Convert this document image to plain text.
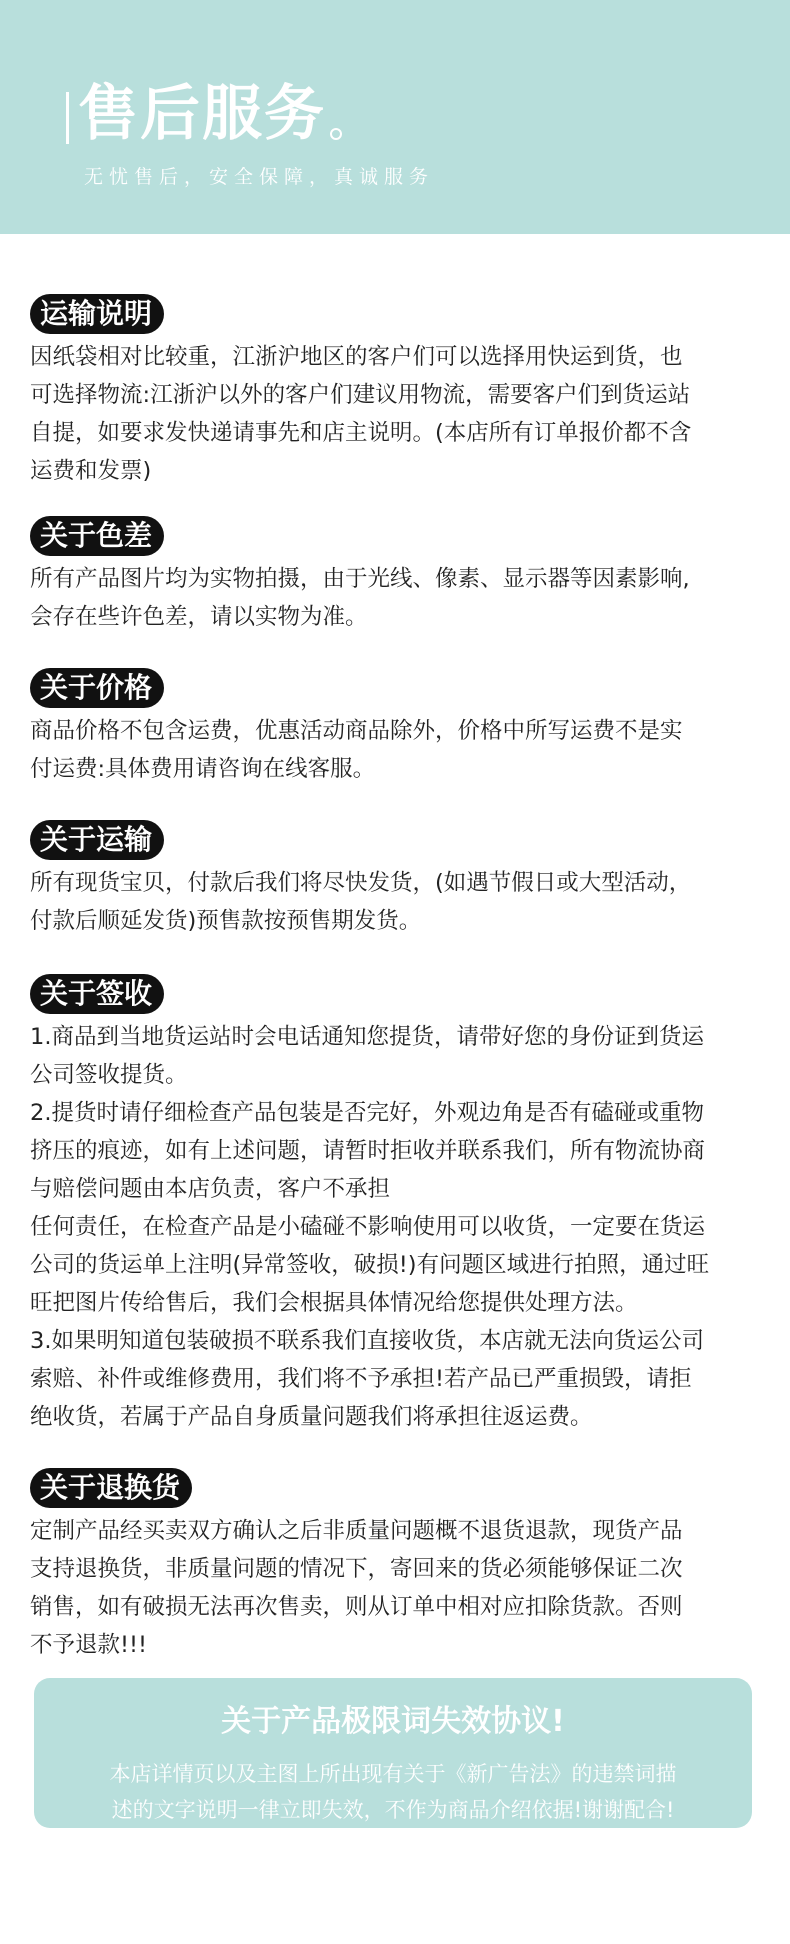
售后服务
无忧售后，安全保障，真诚服务
运输说明

因纸袋相对比较重，江浙沪地区的客户们可以选择用快运到货，也

可选择物流:江浙沪以外的客户们建议用物流，需要客户们到货运站

自提，如要求发快递请事先和店主说明。(本店所有订单报价都不含

运费和发票)

关于色差

所有产品图片均为实物拍摄，由于光线、像素、显示器等因素影响,

会存在些许色差，请以实物为准。

关于价格

商品价格不包含运费，优惠活动商品除外，价格中所写运费不是实

付运费:具体费用请咨询在线客服。

关于运输

所有现货宝贝，付款后我们将尽快发货，(如遇节假日或大型活动，

付款后顺延发货)预售款按预售期发货。

关于签收

1.商品到当地货运站时会电话通知您提货，请带好您的身份证到货运

公司签收提货。

2.提货时请仔细检查产品包装是否完好，外观边角是否有磕碰或重物

挤压的痕迹，如有上述问题，请暂时拒收并联系我们，所有物流协商

与赔偿问题由本店负责，客户不承担

任何责任，在检查产品是小磕碰不影响使用可以收货，一定要在货运

公司的货运单上注明(异常签收，破损!)有问题区域进行拍照，通过旺

旺把图片传给售后，我们会根据具体情况给您提供处理方法。

3.如果明知道包装破损不联系我们直接收货，本店就无法向货运公司

索赔、补件或维修费用，我们将不予承担!若产品已严重损毁，请拒

绝收货，若属于产品自身质量问题我们将承担往返运费。

关于退换货

定制产品经买卖双方确认之后非质量问题概不退货退款，现货产品

支持退换货，非质量问题的情况下，寄回来的货必须能够保证二次

销售，如有破损无法再次售卖，则从订单中相对应扣除货款。否则

不予退款!!!

关于产品极限词失效协议!

本店详情页以及主图上所出现有关于《新广告法》的违禁词描

述的文字说明一律立即失效，不作为商品介绍依据!谢谢配合!
